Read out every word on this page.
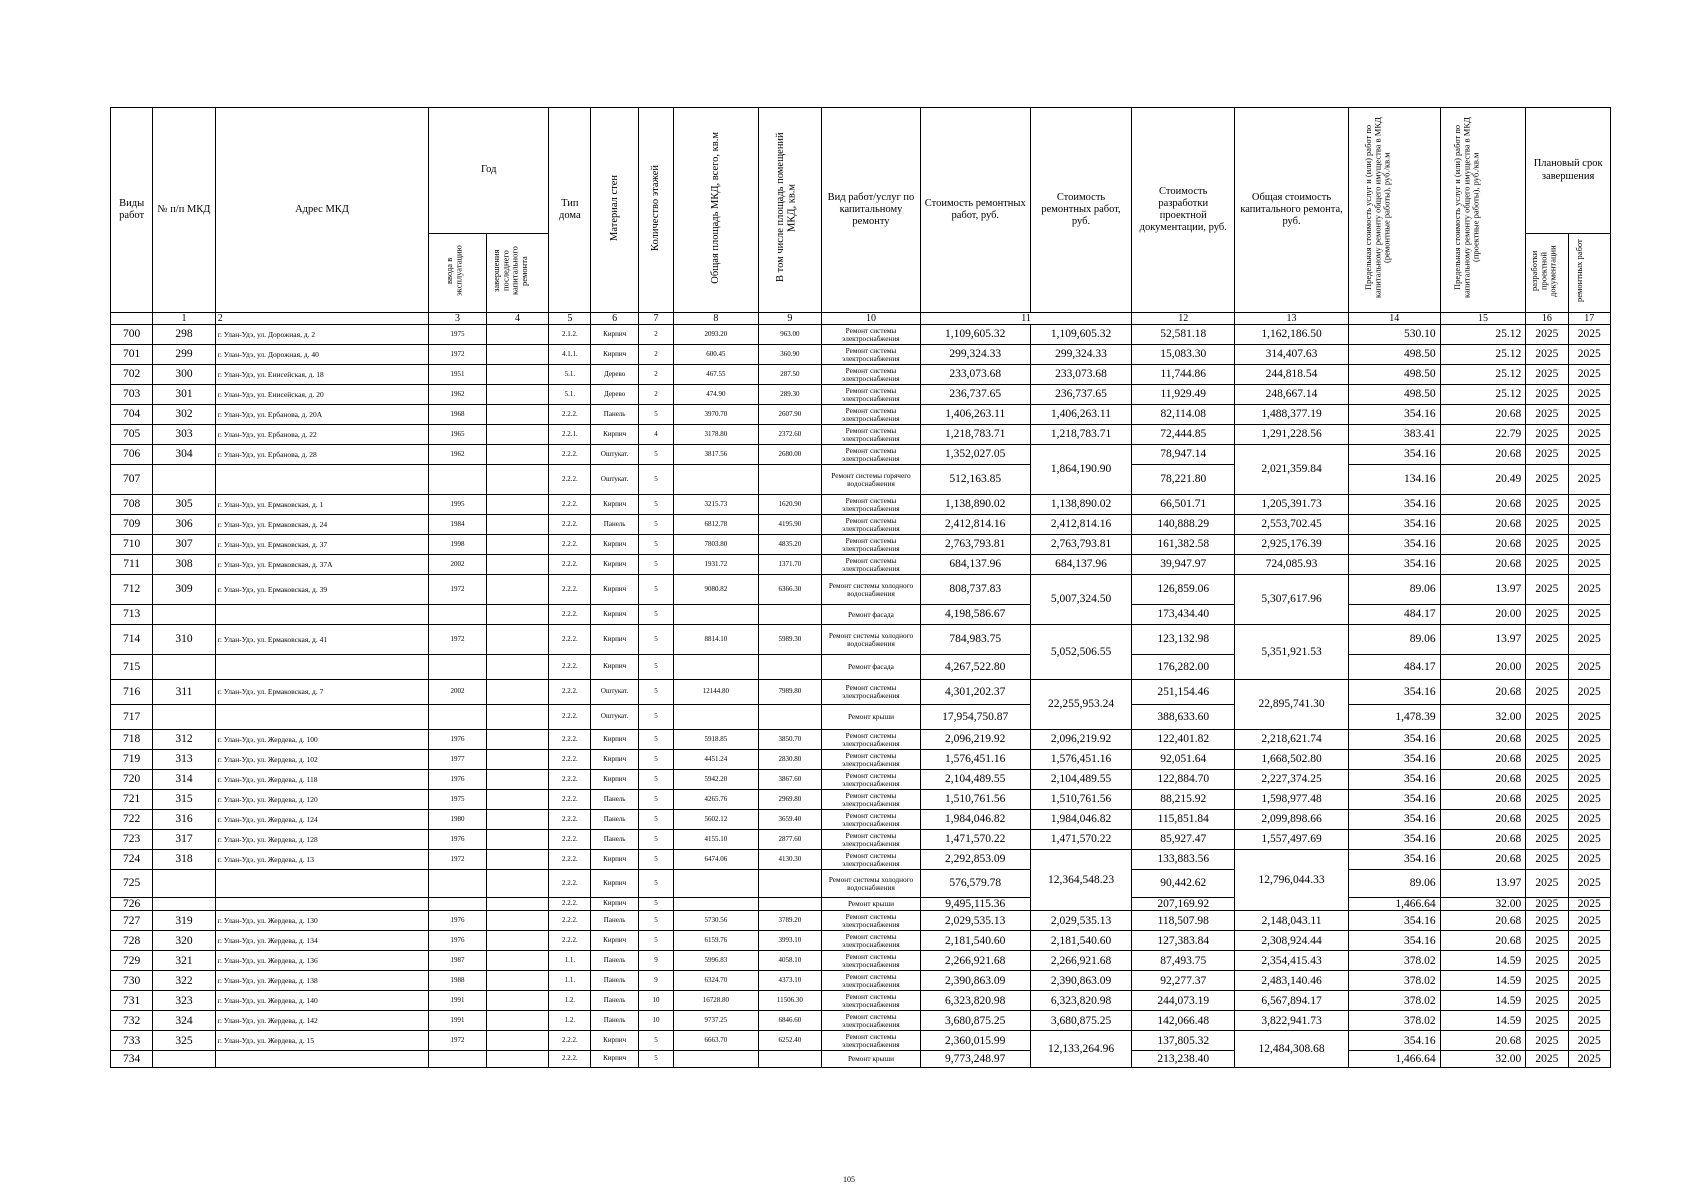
Виды работ	№ п/п МКД	Адрес МКД	Год		Тип дома	Материал стен	Количество этажей	Общая площадь МКД, всего, кв.м	В том числе площадь помещений МКД, кв.м	Вид работ/услуг по капитальному ремонту	Стоимость ремонтных работ, руб.	Стоимость ремонтных работ, руб.	Стоимость разработки проектной документации, руб.	Общая стоимость капитального ремонта, руб.	Предельная стоимость услуг и (или) работ по капитальному ремонту общего имущества в МКД (ремонтные работы), руб./кв.м	Предельная стоимость услуг и (или) работ по капитальному ремонту общего имущества в МКД (проектные работы), руб./кв.м	Плановый срок завершения	
			ввода в эксплуатацию	завершения последнего капитального ремонта													разработки проектной документации	ремонтных работ
	1	2	3	4	5	6	7	8	9	10	11		12	13	14	15	16	17
700	298	г. Улан-Удэ, ул. Дорожная, д. 2	1975		2.1.2.	Кирпич	2	2093.20	963.00	Ремонт системы электроснабжения	1,109,605.32	1,109,605.32	52,581.18	1,162,186.50	530.10	25.12	2025	2025
701	299	г. Улан-Удэ, ул. Дорожная, д. 40	1972		4.1.1.	Кирпич	2	600.45	360.90	Ремонт системы электроснабжения	299,324.33	299,324.33	15,083.30	314,407.63	498.50	25.12	2025	2025
702	300	г. Улан-Удэ, ул. Енисейская, д. 18	1951		5.1.	Дерево	2	467.55	287.50	Ремонт системы электроснабжения	233,073.68	233,073.68	11,744.86	244,818.54	498.50	25.12	2025	2025
703	301	г. Улан-Удэ, ул. Енисейская, д. 20	1962		5.1.	Дерево	2	474.90	289.30	Ремонт системы электроснабжения	236,737.65	236,737.65	11,929.49	248,667.14	498.50	25.12	2025	2025
704	302	г. Улан-Удэ, ул. Ербанова, д. 20А	1968		2.2.2.	Панель	5	3970.70	2607.90	Ремонт системы электроснабжения	1,406,263.11	1,406,263.11	82,114.08	1,488,377.19	354.16	20.68	2025	2025
705	303	г. Улан-Удэ, ул. Ербанова, д. 22	1965		2.2.1.	Кирпич	4	3178.80	2372.60	Ремонт системы электроснабжения	1,218,783.71	1,218,783.71	72,444.85	1,291,228.56	383.41	22.79	2025	2025
706	304	г. Улан-Удэ, ул. Ербанова, д. 28	1962		2.2.2.	Оштукат.	5	3817.56	2680.00	Ремонт системы электроснабжения	1,352,027.05	1,864,190.90	78,947.14	2,021,359.84	354.16	20.68	2025	2025
707					2.2.2.	Оштукат.	5			Ремонт системы горячего водоснабжения	512,163.85		78,221.80		134.16	20.49	2025	2025
708	305	г. Улан-Удэ, ул. Ермаковская, д. 1	1995		2.2.2.	Кирпич	5	3215.73	1620.90	Ремонт системы электроснабжения	1,138,890.02	1,138,890.02	66,501.71	1,205,391.73	354.16	20.68	2025	2025
709	306	г. Улан-Удэ, ул. Ермаковская, д. 24	1984		2.2.2.	Панель	5	6812.78	4195.90	Ремонт системы электроснабжения	2,412,814.16	2,412,814.16	140,888.29	2,553,702.45	354.16	20.68	2025	2025
710	307	г. Улан-Удэ, ул. Ермаковская, д. 37	1998		2.2.2.	Кирпич	5	7803.80	4835.20	Ремонт системы электроснабжения	2,763,793.81	2,763,793.81	161,382.58	2,925,176.39	354.16	20.68	2025	2025
711	308	г. Улан-Удэ, ул. Ермаковская, д. 37А	2002		2.2.2.	Кирпич	5	1931.72	1371.70	Ремонт системы электроснабжения	684,137.96	684,137.96	39,947.97	724,085.93	354.16	20.68	2025	2025
712	309	г. Улан-Удэ, ул. Ермаковская, д. 39	1972		2.2.2.	Кирпич	5	9080.82	6366.30	Ремонт системы холодного водоснабжения	808,737.83	5,007,324.50	126,859.06	5,307,617.96	89.06	13.97	2025	2025
713					2.2.2.	Кирпич	5			Ремонт фасада	4,198,586.67		173,434.40		484.17	20.00	2025	2025
714	310	г. Улан-Удэ, ул. Ермаковская, д. 41	1972		2.2.2.	Кирпич	5	8814.10	5989.30	Ремонт системы холодного водоснабжения	784,983.75	5,052,506.55	123,132.98	5,351,921.53	89.06	13.97	2025	2025
715					2.2.2.	Кирпич	5			Ремонт фасада	4,267,522.80		176,282.00		484.17	20.00	2025	2025
716	311	г. Улан-Удэ, ул. Ермаковская, д. 7	2002		2.2.2.	Оштукат.	5	12144.80	7989.80	Ремонт системы электроснабжения	4,301,202.37	22,255,953.24	251,154.46	22,895,741.30	354.16	20.68	2025	2025
717					2.2.2.	Оштукат.	5			Ремонт крыши	17,954,750.87		388,633.60		1,478.39	32.00	2025	2025
718	312	г. Улан-Удэ, ул. Жердева, д. 100	1976		2.2.2.	Кирпич	5	5918.85	3850.70	Ремонт системы электроснабжения	2,096,219.92	2,096,219.92	122,401.82	2,218,621.74	354.16	20.68	2025	2025
719	313	г. Улан-Удэ, ул. Жердева, д. 102	1977		2.2.2.	Кирпич	5	4451.24	2830.80	Ремонт системы электроснабжения	1,576,451.16	1,576,451.16	92,051.64	1,668,502.80	354.16	20.68	2025	2025
720	314	г. Улан-Удэ, ул. Жердева, д. 118	1976		2.2.2.	Кирпич	5	5942.20	3867.60	Ремонт системы электроснабжения	2,104,489.55	2,104,489.55	122,884.70	2,227,374.25	354.16	20.68	2025	2025
721	315	г. Улан-Удэ, ул. Жердева, д. 120	1975		2.2.2.	Панель	5	4265.76	2969.80	Ремонт системы электроснабжения	1,510,761.56	1,510,761.56	88,215.92	1,598,977.48	354.16	20.68	2025	2025
722	316	г. Улан-Удэ, ул. Жердева, д. 124	1980		2.2.2.	Панель	5	5602.12	3659.40	Ремонт системы электроснабжения	1,984,046.82	1,984,046.82	115,851.84	2,099,898.66	354.16	20.68	2025	2025
723	317	г. Улан-Удэ, ул. Жердева, д. 128	1976		2.2.2.	Панель	5	4155.10	2877.60	Ремонт системы электроснабжения	1,471,570.22	1,471,570.22	85,927.47	1,557,497.69	354.16	20.68	2025	2025
724	318	г. Улан-Удэ, ул. Жердева, д. 13	1972		2.2.2.	Кирпич	5	6474.06	4130.30	Ремонт системы электроснабжения	2,292,853.09	12,364,548.23	133,883.56	12,796,044.33	354.16	20.68	2025	2025
725					2.2.2.	Кирпич	5			Ремонт системы холодного водоснабжения	576,579.78		90,442.62		89.06	13.97	2025	2025
726					2.2.2.	Кирпич	5			Ремонт крыши	9,495,115.36		207,169.92		1,466.64	32.00	2025	2025
727	319	г. Улан-Удэ, ул. Жердева, д. 130	1976		2.2.2.	Панель	5	5730.56	3789.20	Ремонт системы электроснабжения	2,029,535.13	2,029,535.13	118,507.98	2,148,043.11	354.16	20.68	2025	2025
728	320	г. Улан-Удэ, ул. Жердева, д. 134	1976		2.2.2.	Кирпич	5	6159.76	3993.10	Ремонт системы электроснабжения	2,181,540.60	2,181,540.60	127,383.84	2,308,924.44	354.16	20.68	2025	2025
729	321	г. Улан-Удэ, ул. Жердева, д. 136	1987		1.1.	Панель	9	5996.83	4058.10	Ремонт системы электроснабжения	2,266,921.68	2,266,921.68	87,493.75	2,354,415.43	378.02	14.59	2025	2025
730	322	г. Улан-Удэ, ул. Жердева, д. 138	1988		1.1.	Панель	9	6324.70	4373.10	Ремонт системы электроснабжения	2,390,863.09	2,390,863.09	92,277.37	2,483,140.46	378.02	14.59	2025	2025
731	323	г. Улан-Удэ, ул. Жердева, д. 140	1991		1.2.	Панель	10	16728.80	11506.30	Ремонт системы электроснабжения	6,323,820.98	6,323,820.98	244,073.19	6,567,894.17	378.02	14.59	2025	2025
732	324	г. Улан-Удэ, ул. Жердева, д. 142	1991		1.2.	Панель	10	9737.25	6846.60	Ремонт системы электроснабжения	3,680,875.25	3,680,875.25	142,066.48	3,822,941.73	378.02	14.59	2025	2025
733	325	г. Улан-Удэ, ул. Жердева, д. 15	1972		2.2.2.	Кирпич	5	6663.70	6252.40	Ремонт системы электроснабжения	2,360,015.99	12,133,264.96	137,805.32	12,484,308.68	354.16	20.68	2025	2025
734					2.2.2.	Кирпич	5			Ремонт крыши	9,773,248.97		213,238.40		1,466.64	32.00	2025	2025
105
